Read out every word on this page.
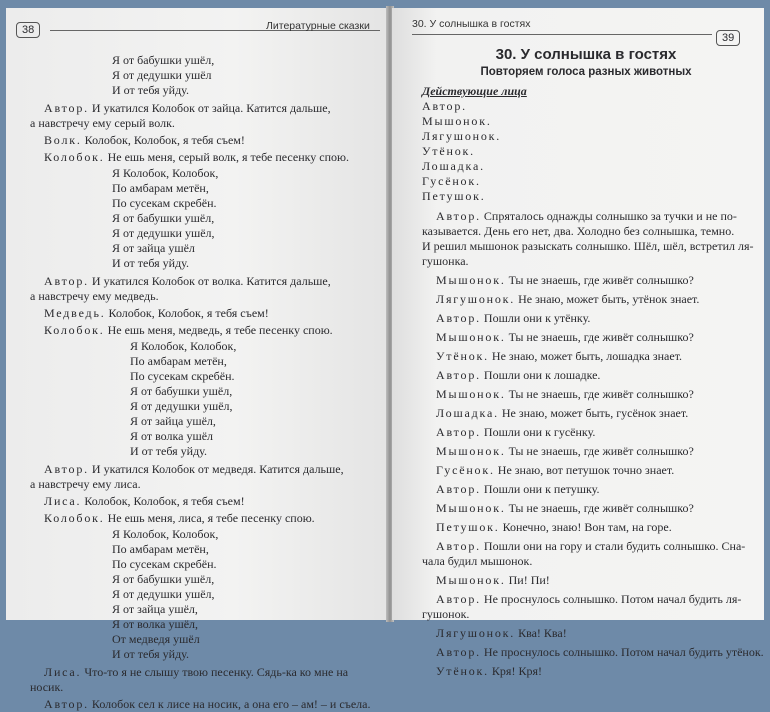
38	Литературные сказки
Я от бабушки ушёл,
Я от дедушки ушёл
И от тебя уйду.
Автор. И укатился Колобок от зайца. Катится дальше,
а навстречу ему серый волк.
Волк. Колобок, Колобок, я тебя съем!
Колобок. Не ешь меня, серый волк, я тебе песенку спою.
Я Колобок, Колобок,
По амбарам метён,
По сусекам скребён.
Я от бабушки ушёл,
Я от дедушки ушёл,
Я от зайца ушёл
И от тебя уйду.
Автор. И укатился Колобок от волка. Катится дальше,
а навстречу ему медведь.
Медведь. Колобок, Колобок, я тебя съем!
Колобок. Не ешь меня, медведь, я тебе песенку спою.
Я Колобок, Колобок,
По амбарам метён,
По сусекам скребён.
Я от бабушки ушёл,
Я от дедушки ушёл,
Я от зайца ушёл,
Я от волка ушёл
И от тебя уйду.
Автор. И укатился Колобок от медведя. Катится дальше,
а навстречу ему лиса.
Лиса. Колобок, Колобок, я тебя съем!
Колобок. Не ешь меня, лиса, я тебе песенку спою.
Я Колобок, Колобок,
По амбарам метён,
По сусекам скребён.
Я от бабушки ушёл,
Я от дедушки ушёл,
Я от зайца ушёл,
Я от волка ушёл,
От медведя ушёл
И от тебя уйду.
Лиса. Что-то я не слышу твою песенку. Сядь-ка ко мне на
носик.
Автор. Колобок сел к лисе на носик, а она его – ам! – и съела.
30. У солнышка в гостях
39
30. У солнышка в гостях
Повторяем голоса разных животных
Действующие лица
Автор.
Мышонок.
Лягушонок.
Утёнок.
Лошадка.
Гусёнок.
Петушок.
Автор. Спряталось однажды солнышко за тучки и не по-
казывается. День его нет, два. Холодно без солнышка, темно.
И решил мышонок разыскать солнышко. Шёл, шёл, встретил ля-
гушонка.
Мышонок. Ты не знаешь, где живёт солнышко?
Лягушонок. Не знаю, может быть, утёнок знает.
Автор. Пошли они к утёнку.
Мышонок. Ты не знаешь, где живёт солнышко?
Утёнок. Не знаю, может быть, лошадка знает.
Автор. Пошли они к лошадке.
Мышонок. Ты не знаешь, где живёт солнышко?
Лошадка. Не знаю, может быть, гусёнок знает.
Автор. Пошли они к гусёнку.
Мышонок. Ты не знаешь, где живёт солнышко?
Гусёнок. Не знаю, вот петушок точно знает.
Автор. Пошли они к петушку.
Мышонок. Ты не знаешь, где живёт солнышко?
Петушок. Конечно, знаю! Вон там, на горе.
Автор. Пошли они на гору и стали будить солнышко. Сна-
чала будил мышонок.
Мышонок. Пи! Пи!
Автор. Не проснулось солнышко. Потом начал будить ля-
гушонок.
Лягушонок. Ква! Ква!
Автор. Не проснулось солнышко. Потом начал будить утёнок.
Утёнок. Кря! Кря!
